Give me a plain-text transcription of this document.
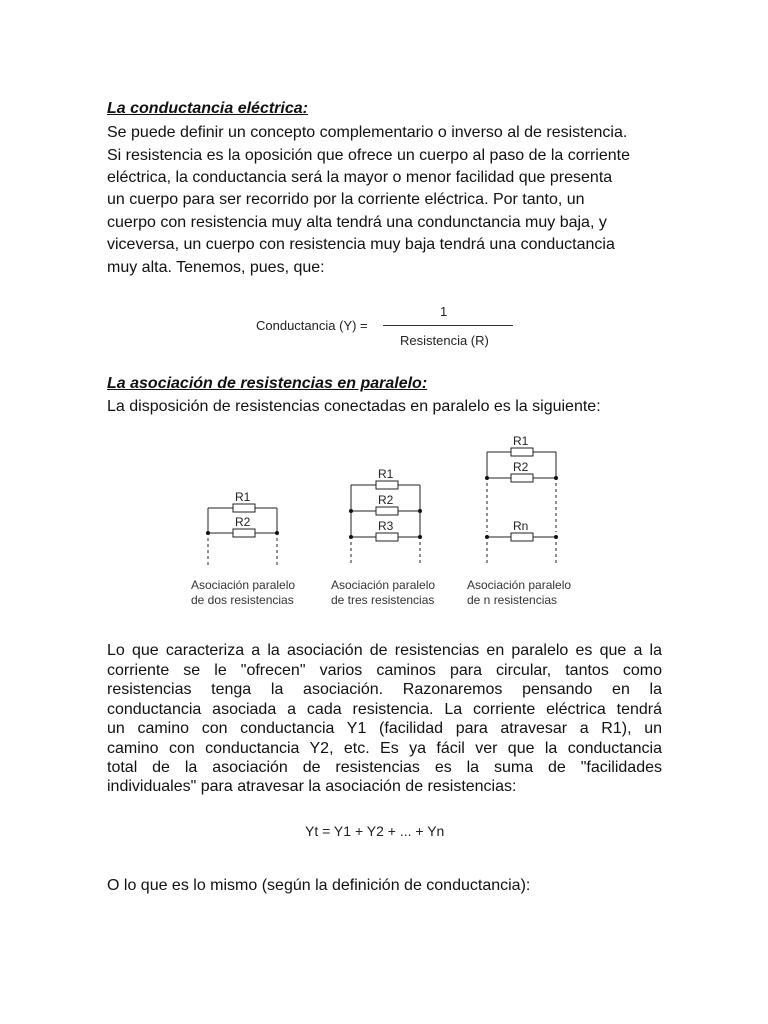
La conductancia eléctrica:
Se puede definir un concepto complementario o inverso al de resistencia.
Si resistencia es la oposición que ofrece un cuerpo al paso de la corriente
eléctrica, la conductancia será la mayor o menor facilidad que presenta
un cuerpo para ser recorrido por la corriente eléctrica. Por tanto, un
cuerpo con resistencia muy alta tendrá una condunctancia muy baja, y
viceversa, un cuerpo con resistencia muy baja tendrá una conductancia
muy alta. Tenemos, pues, que:
Conductancia (Y) =
1
Resistencia (R)
La asociación de resistencias en paralelo:
La disposición de resistencias conectadas en paralelo es la siguiente:
R1
R2
R1
R2
R3
R1
R2
Rn
Asociación paralelo
de dos resistencias
Asociación paralelo
de tres resistencias
Asociación paralelo
de n resistencias
Lo que caracteriza a la asociación de resistencias en paralelo es que a la
corriente se le "ofrecen" varios caminos para circular, tantos como
resistencias tenga la asociación. Razonaremos pensando en la
conductancia asociada a cada resistencia. La corriente eléctrica tendrá
un camino con conductancia Y1 (facilidad para atravesar a R1), un
camino con conductancia Y2, etc. Es ya fácil ver que la conductancia
total de la asociación de resistencias es la suma de "facilidades
individuales" para atravesar la asociación de resistencias:
Yt = Y1 + Y2 + ... + Yn
O lo que es lo mismo (según la definición de conductancia):
